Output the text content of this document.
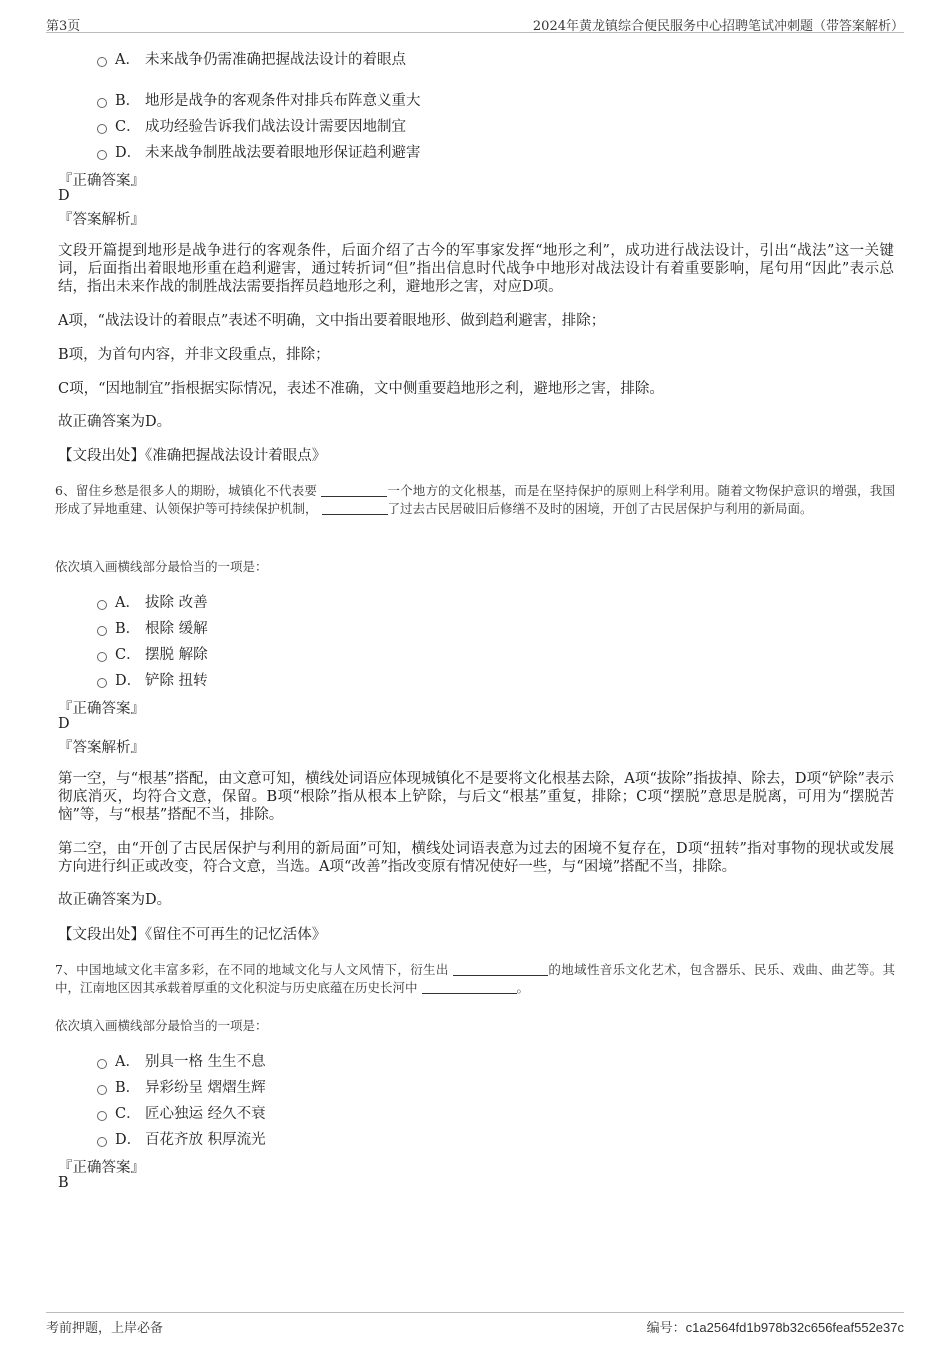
第3页	2024年黄龙镇综合便民服务中心招聘笔试冲刺题（带答案解析）
A． 未来战争仍需准确把握战法设计的着眼点
B． 地形是战争的客观条件对排兵布阵意义重大
C． 成功经验告诉我们战法设计需要因地制宜
D． 未来战争制胜战法要着眼地形保证趋利避害
『正确答案』
D
『答案解析』
文段开篇提到地形是战争进行的客观条件，后面介绍了古今的军事家发挥“地形之利”，成功进行战法设计，引出“战法”这一关键词，后面指出着眼地形重在趋利避害，通过转折词“但”指出信息时代战争中地形对战法设计有着重要影响，尾句用“因此”表示总结，指出未来作战的制胜战法需要指挥员趋地形之利，避地形之害，对应D项。
A项，“战法设计的着眼点”表述不明确，文中指出要着眼地形、做到趋利避害，排除；
B项，为首句内容，并非文段重点，排除；
C项，“因地制宜”指根据实际情况，表述不准确，文中侧重要趋地形之利，避地形之害，排除。
故正确答案为D。
【文段出处】《准确把握战法设计着眼点》
6、留住乡愁是很多人的期盼，城镇化不代表要	一个地方的文化根基，而是在坚持保护的原则上科学利用。随着文物保护意识的增强，我国形成了异地重建、认领保护等可持续保护机制，	了过去古民居破旧后修缮不及时的困境，开创了古民居保护与利用的新局面。
依次填入画横线部分最恰当的一项是：
A． 拔除 改善
B． 根除 缓解
C． 摆脱 解除
D． 铲除 扭转
『正确答案』
D
『答案解析』
第一空，与“根基”搭配，由文意可知，横线处词语应体现城镇化不是要将文化根基去除，A项“拔除”指拔掉、除去，D项“铲除”表示彻底消灭，均符合文意，保留。B项“根除”指从根本上铲除，与后文“根基”重复，排除；C项“摆脱”意思是脱离，可用为“摆脱苦恼”等，与“根基”搭配不当，排除。
第二空，由“开创了古民居保护与利用的新局面”可知，横线处词语表意为过去的困境不复存在，D项“扭转”指对事物的现状或发展方向进行纠正或改变，符合文意，当选。A项“改善”指改变原有情况使好一些，与“困境”搭配不当，排除。
故正确答案为D。
【文段出处】《留住不可再生的记忆活体》
7、中国地域文化丰富多彩，在不同的地域文化与人文风情下，衍生出	的地域性音乐文化艺术，包含器乐、民乐、戏曲、曲艺等。其中，江南地区因其承载着厚重的文化积淀与历史底蕴在历史长河中	。
依次填入画横线部分最恰当的一项是：
A． 别具一格 生生不息
B． 异彩纷呈 熠熠生辉
C． 匠心独运 经久不衰
D． 百花齐放 积厚流光
『正确答案』
B
考前押题，上岸必备	编号：c1a2564fd1b978b32c656feaf552e37c
